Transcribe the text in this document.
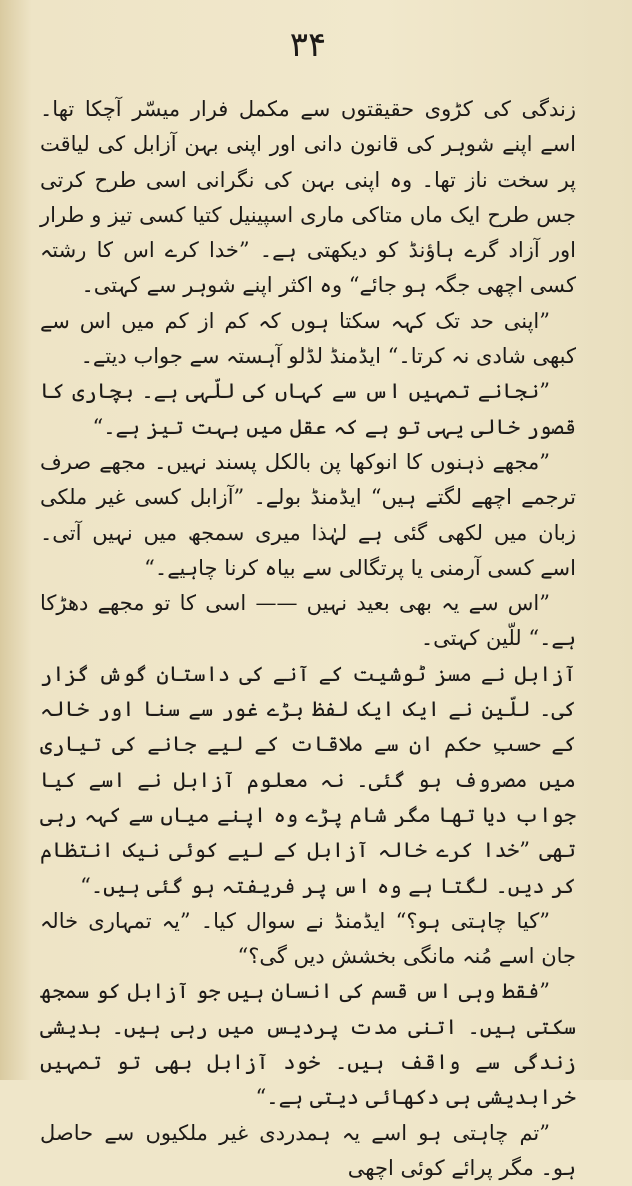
۳۴

زندگی کی کڑوی حقیقتوں سے مکمل فرار میسّر آچکا تھا۔ اسے اپنے شوہر کی قانون دانی اور اپنی بہن آزابل کی لیاقت پر سخت ناز تھا۔ وہ اپنی بہن کی نگرانی اسی طرح کرتی جس طرح ایک ماں متاکی ماری اسپینیل کتیا کسی تیز و طرار اور آزاد گرے ہاؤنڈ کو دیکھتی ہے۔ ”خدا کرے اس کا رشتہ کسی اچھی جگہ ہو جائے“ وہ اکثر اپنے شوہر سے کہتی۔

”اپنی حد تک کہہ سکتا ہوں کہ کم از کم میں اس سے کبھی شادی نہ کرتا۔“ ایڈمنڈ لڈلو آہستہ سے جواب دیتے۔

”نجانے تمہیں اس سے کہاں کی للّہی ہے۔ بچاری کا قصور خالی یہی تو ہے کہ عقل میں بہت تیز ہے۔“

”مجھے ذہنوں کا انوکھا پن بالکل پسند نہیں۔ مجھے صرف ترجمے اچھے لگتے ہیں“ ایڈمنڈ بولے۔ ”آزابل کسی غیر ملکی زبان میں لکھی گئی ہے لہٰذا میری سمجھ میں نہیں آتی۔ اسے کسی آرمنی یا پرتگالی سے بیاہ کرنا چاہیے۔“

”اس سے یہ بھی بعید نہیں —— اسی کا تو مجھے دھڑکا ہے۔“ للّین کہتی۔

آزابل نے مسز ٹوشیت کے آنے کی داستان گوش گزار کی۔ للّین نے ایک ایک لفظ بڑے غور سے سنا اور خالہ کے حسبِ حکم ان سے ملاقات کے لیے جانے کی تیاری میں مصروف ہو گئی۔ نہ معلوم آزابل نے اسے کیا جواب دیا تھا مگر شام پڑے وہ اپنے میاں سے کہہ رہی تھی ”خدا کرے خالہ آزابل کے لیے کوئی نیک انتظام کر دیں۔ لگتا ہے وہ اس پر فریفتہ ہو گئی ہیں۔“

”کیا چاہتی ہو؟“ ایڈمنڈ نے سوال کیا۔ ”یہ تمہاری خالہ جان اسے مُنہ مانگی بخشش دیں گی؟“

”فقط وہی اس قسم کی انسان ہیں جو آزابل کو سمجھ سکتی ہیں۔ اتنی مدت پردیس میں رہی ہیں۔ بدیشی زندگی سے واقف ہیں۔ خود آزابل بھی تو تمہیں خرابدیشی ہی دکھائی دیتی ہے۔“

”تم چاہتی ہو اسے یہ ہمدردی غیر ملکیوں سے حاصل ہو۔ مگر پرائے کوئی اچھی
